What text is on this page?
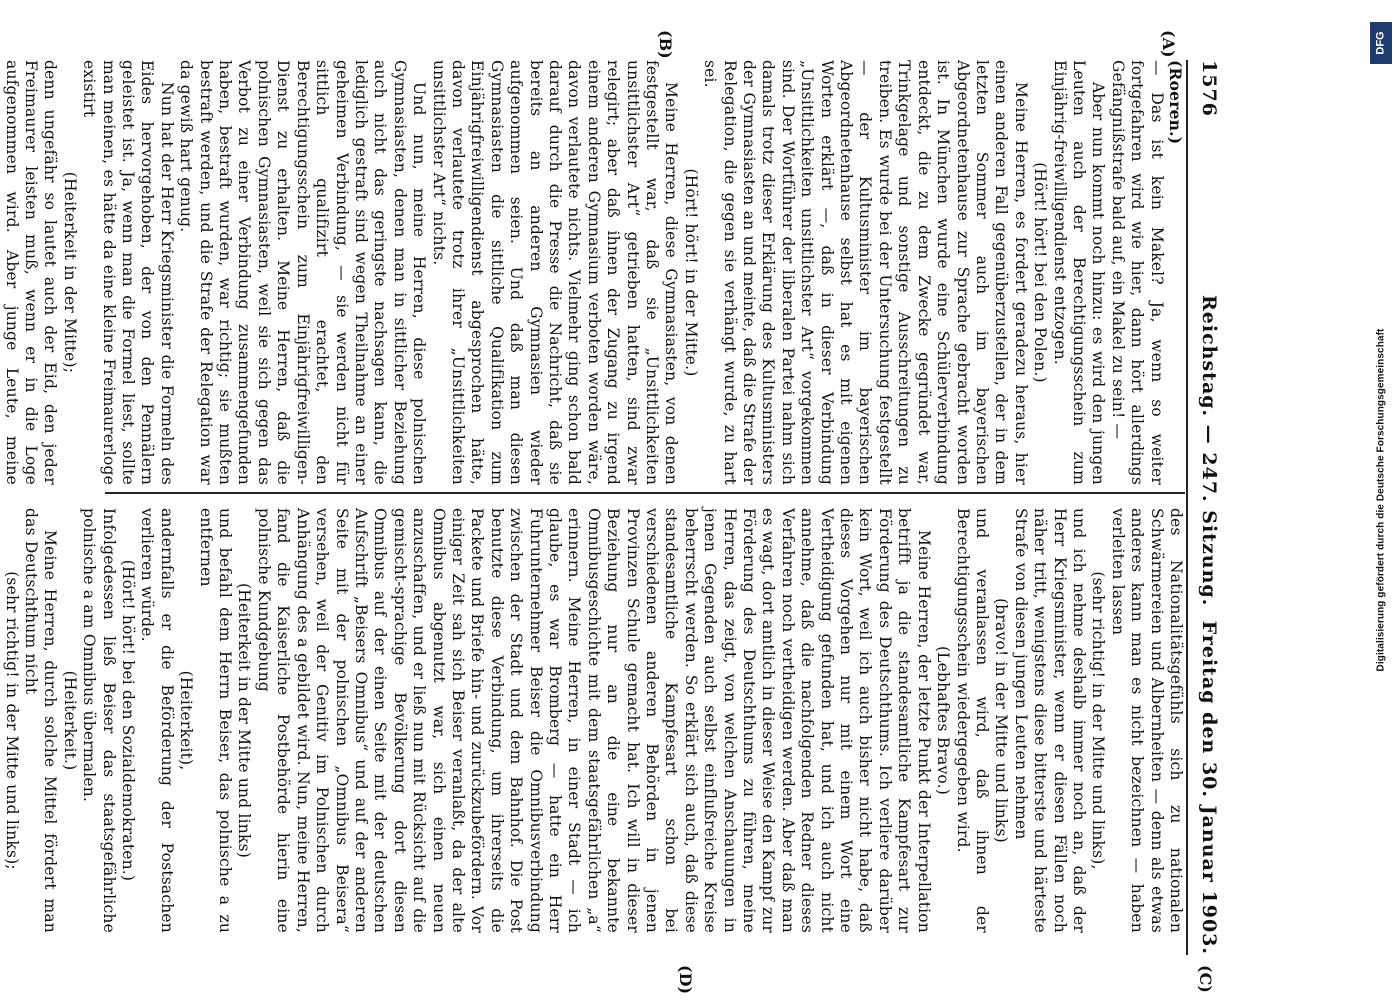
DFG
Digitalisierung gefördert durch die Deutsche Forschungsgemeinschaft
1576
Reichstag. — 247. Sitzung.
Freitag den 30. Januar 1903.
(A)
(B)
(C)
(D)

(Roeren.)

— Das ist kein Makel? Ja, wenn so weiter fortgefahren wird wie hier, dann hört allerdings Gefängnißstrafe bald auf, ein Makel zu sein! —

Aber nun kommt noch hinzu: es wird den jungen Leuten auch der Berechtigungsschein zum Einjährig-freiwilligendienst entzogen.

(Hört! hört! bei den Polen.)

Meine Herren, es fordert geradezu heraus, hier einen anderen Fall gegenüberzustellen, der in dem letzten Sommer auch im bayerischen Abgeordnetenhause zur Sprache gebracht worden ist. In München wurde eine Schülerverbindung entdeckt, die zu dem Zwecke gegründet war, Trinkgelage und sonstige Ausschreitungen zu treiben. Es wurde bei der Untersuchung festgestellt — der Kultusminister im bayerischen Abgeordnetenhause selbst hat es mit eigenen Worten erklärt —, daß in dieser Verbindung „Unsittlichkeiten unsittlichster Art“ vorgekommen sind. Der Wortführer der liberalen Partei nahm sich damals trotz dieser Erklärung des Kultusministers der Gymnasiasten an und meinte, daß die Strafe der Relegation, die gegen sie verhängt wurde, zu hart sei.

(Hört! hört! in der Mitte.)

Meine Herren, diese Gymnasiasten, von denen festgestellt war, daß sie „Unsittlichkeiten unsittlichster Art“ getrieben hatten, sind zwar relegirt; aber daß ihnen der Zugang zu irgend einem anderen Gymnasium verboten worden wäre, davon verlautete nichts. Vielmehr ging schon bald darauf durch die Presse die Nachricht, daß sie bereits an anderen Gymnasien wieder aufgenommen seien. Und daß man diesen Gymnasiasten die sittliche Qualifikation zum Einjährigfreiwilligendienst abgesprochen hätte, davon verlautete trotz ihrer „Unsittlichkeiten unsittlichster Art“ nichts.

Und nun, meine Herren, diese polnischen Gymnasiasten, denen man in sittlicher Beziehung auch nicht das geringste nachsagen kann, die lediglich gestraft sind wegen Theilnahme an einer geheimen Verbindung, — sie werden nicht für sittlich qualifizirt erachtet, den Berechtigungsschein zum Einjährigfreiwilligen-Dienst zu erhalten. Meine Herren, daß die polnischen Gymnasiasten, weil sie sich gegen das Verbot zu einer Verbindung zusammengefunden haben, bestraft wurden, war richtig; sie mußten bestraft werden, und die Strafe der Relegation war da gewiß hart genug.

Nun hat der Herr Kriegsminister die Formeln des Eides hervorgehoben, der von den Pennälern geleistet ist. Ja, wenn man die Formel liest, sollte man meinen, es hätte da eine kleine Freimaurerloge existirt

(Heiterkeit in der Mitte);

denn ungefähr so lautet auch der Eid, den jeder Freimaurer leisten muß, wenn er in die Loge aufgenommen wird. Aber junge Leute, meine

des Nationalitätsgefühls sich zu nationalen Schwärmereien und Albernheiten — denn als etwas anderes kann man es nicht bezeichnen — haben verleiten lassen

(sehr richtig! in der Mitte und links),

und ich nehme deshalb immer noch an, daß der Herr Kriegsminister, wenn er diesen Fällen noch näher tritt, wenigstens diese bitterste und härteste Strafe von diesen jungen Leuten nehmen

(bravo! in der Mitte und links)

und veranlassen wird, daß ihnen der Berechtigungsschein wiedergegeben wird.

(Lebhaftes Bravo.)

Meine Herren, der letzte Punkt der Interpellation betrifft ja die standesamtliche Kampfesart zur Förderung des Deutschthums. Ich verliere darüber kein Wort, weil ich auch bisher nicht habe, daß dieses Vorgehen nur mit einem Wort eine Vertheidigung gefunden hat, und ich auch nicht annehme, daß die nachfolgenden Redner dieses Verfahren noch vertheidigen werden. Aber daß man es wagt, dort amtlich in dieser Weise den Kampf zur Förderung des Deutschthums zu führen, meine Herren, das zeigt, von welchen Anschauungen in jenen Gegenden auch selbst einflußreiche Kreise beherrscht werden. So erklärt sich auch, daß diese standesamtliche Kampfesart schon bei verschiedenen anderen Behörden in jenen Provinzen Schule gemacht hat. Ich will in dieser Beziehung nur an die eine bekannte Omnibusgeschichte mit dem staatsgefährlichen „a“ erinnern. Meine Herren, in einer Stadt — ich glaube, es war Bromberg — hatte ein Herr Fuhrunternehmer Beiser die Omnibusverbindung zwischen der Stadt und dem Bahnhof. Die Post benutzte diese Verbindung, um ihrerseits die Packete und Briefe hin- und zurückzubefördern. Vor einiger Zeit sah sich Beiser veranlaßt, da der alte Omnibus abgenutzt war, sich einen neuen anzuschaffen, und er ließ nun mit Rücksicht auf die gemischt-sprachige Bevölkerung dort diesen Omnibus auf der einen Seite mit der deutschen Aufschrift „Beisers Omnibus“ und auf der anderen Seite mit der polnischen „Omnibus Beisera“ versehen, weil der Genitiv im Polnischen durch Anhängung des a gebildet wird. Nun, meine Herren, fand die Kaiserliche Postbehörde hierin eine polnische Kundgebung

(Heiterkeit in der Mitte und links)

und befahl dem Herrn Beiser, das polnische a zu entfernen

(Heiterkeit),

andernfalls er die Beförderung der Postsachen verlieren würde.

(Hört! hört! bei den Sozialdemokraten.)

Infolgedessen ließ Beiser das staatsgefährliche polnische a am Omnibus übermalen.

(Heiterkeit.)

Meine Herren, durch solche Mittel fördert man das Deutschthum nicht

(sehr richtig! in der Mitte und links);
